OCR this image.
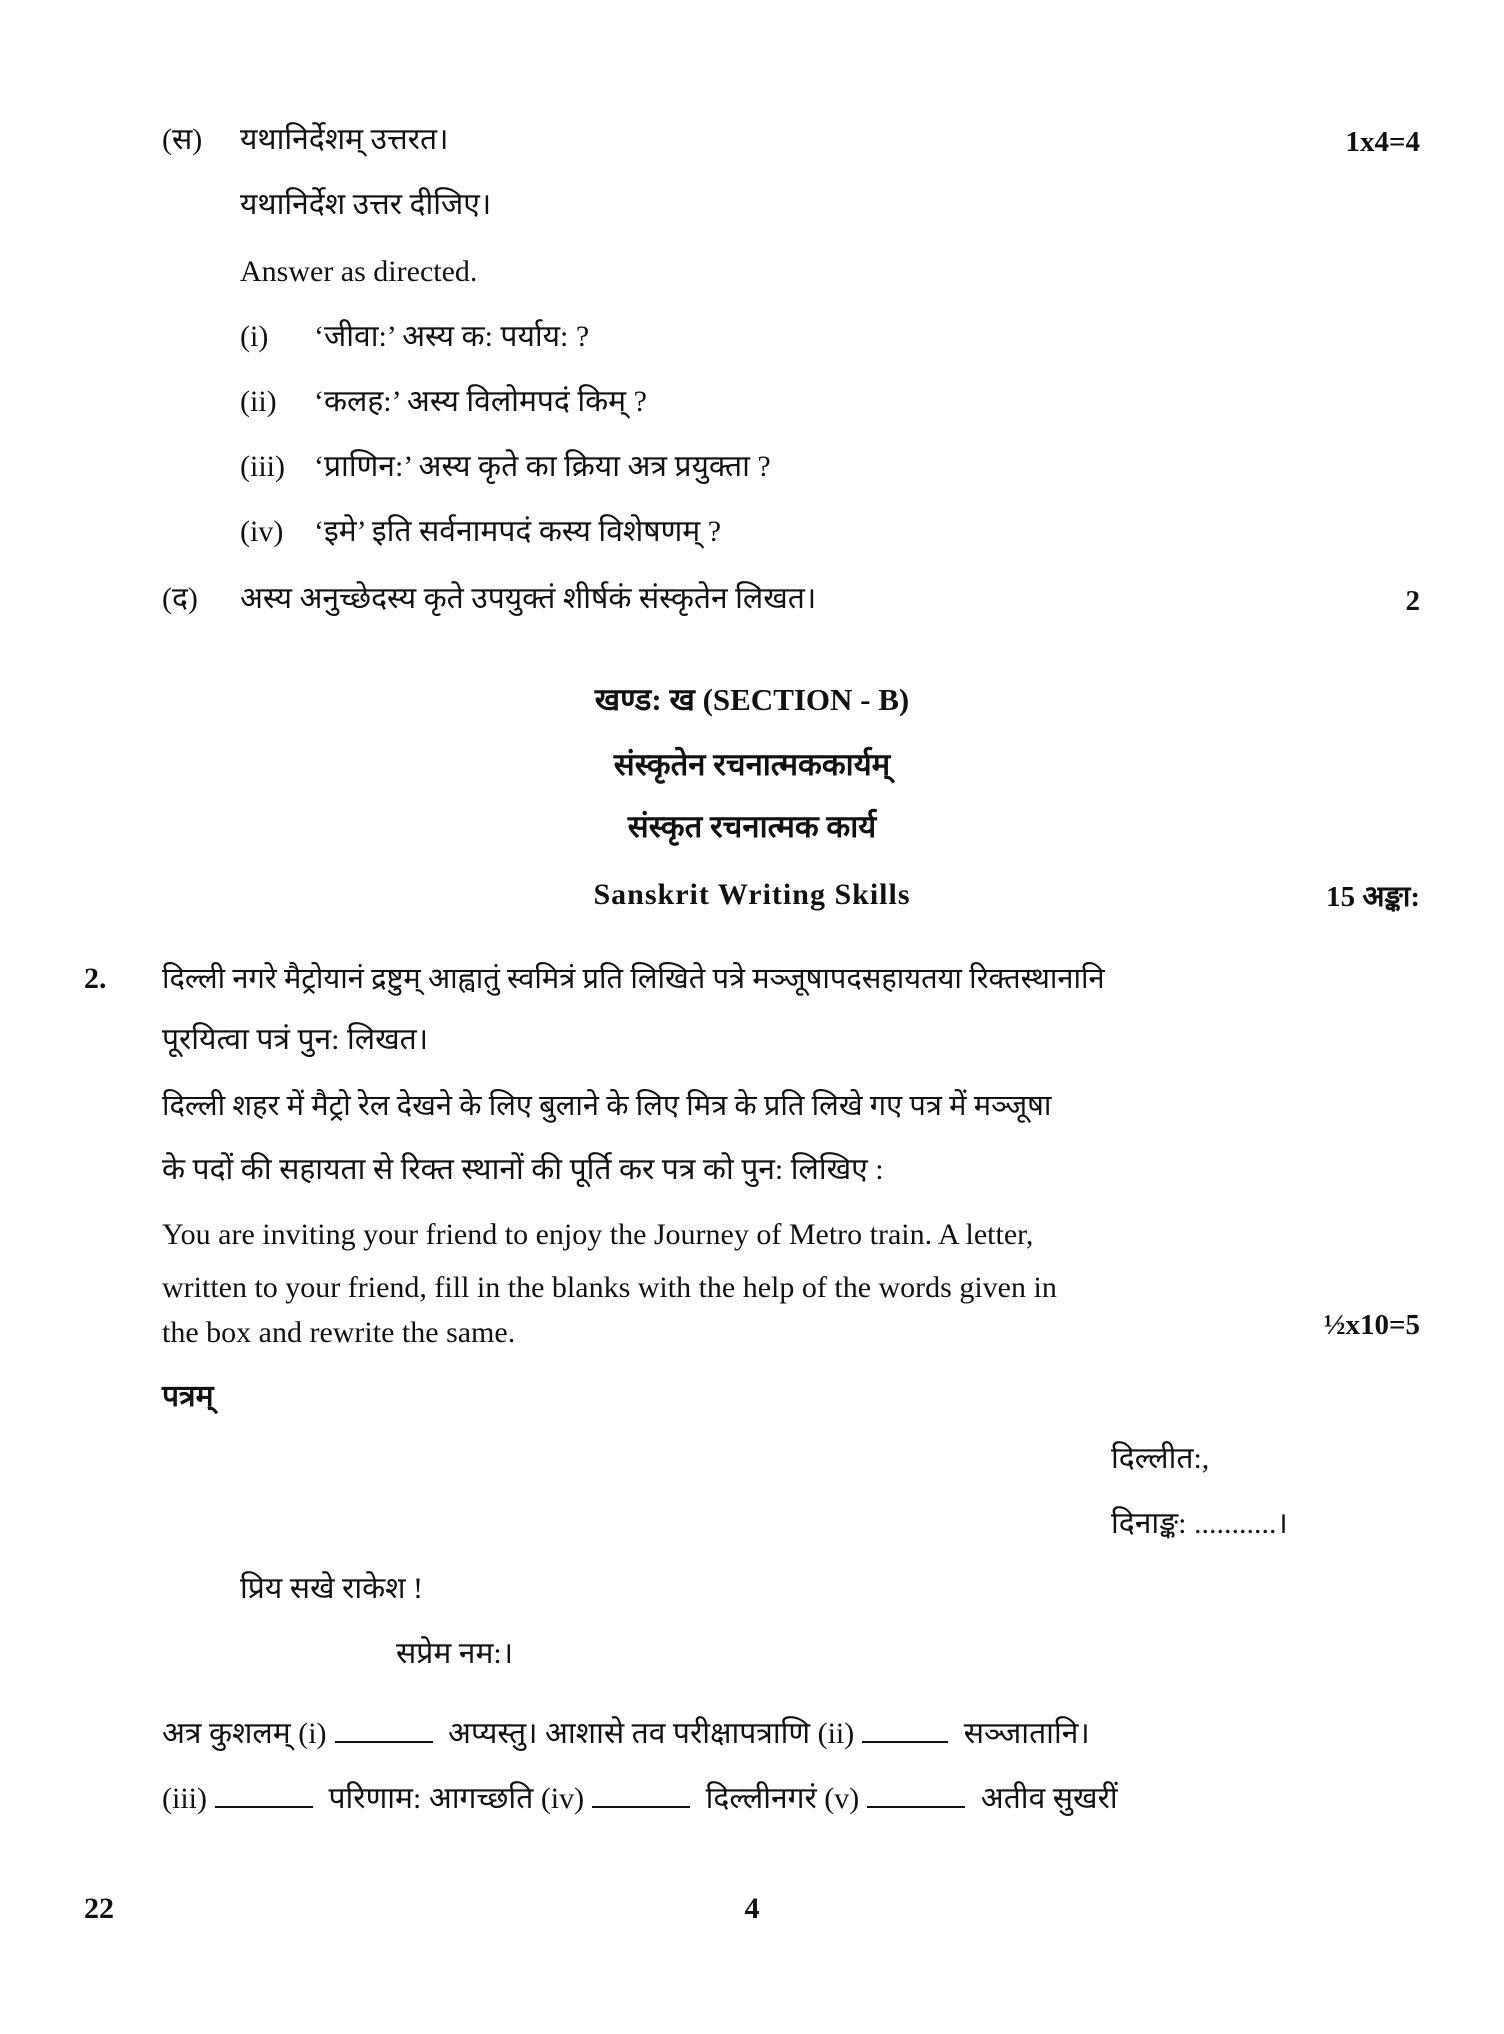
(स) यथानिर्देशम् उत्तरत।	1x4=4
यथानिर्देश उत्तर दीजिए।
Answer as directed.
(i) ‘जीवा:’ अस्य क: पर्याय: ?
(ii) ‘कलह:’ अस्य विलोमपदं किम् ?
(iii) ‘प्राणिन:’ अस्य कृते का क्रिया अत्र प्रयुक्ता ?
(iv) ‘इमे’ इति सर्वनामपदं कस्य विशेषणम् ?
(द) अस्य अनुच्छेदस्य कृते उपयुक्तं शीर्षकं संस्कृतेन लिखत।	2
खण्ड: ख (SECTION - B)
संस्कृतेन रचनात्मककार्यम्
संस्कृत रचनात्मक कार्य
Sanskrit Writing Skills	15 अङ्का:
2. दिल्ली नगरे मैट्रोयानं द्रष्टुम् आह्वातुं स्वमित्रं प्रति लिखिते पत्रे मञ्जूषापदसहायतया रिक्तस्थानानि
पूरयित्वा पत्रं पुन: लिखत।
दिल्ली शहर में मैट्रो रेल देखने के लिए बुलाने के लिए मित्र के प्रति लिखे गए पत्र में मञ्जूषा
के पदों की सहायता से रिक्त स्थानों की पूर्ति कर पत्र को पुन: लिखिए :
You are inviting your friend to enjoy the Journey of Metro train. A letter,
written to your friend, fill in the blanks with the help of the words given in
the box and rewrite the same.	½x10=5
पत्रम्
दिल्लीत:,
दिनाङ्क: ...........।
प्रिय सखे राकेश !
सप्रेम नम:।
अत्र कुशलम् (i)	अप्यस्तु। आशासे तव परीक्षापत्राणि (ii)	सञ्जातानि।
(iii)	परिणाम: आगच्छति (iv)	दिल्लीनगरं (v)	अतीव सुखरीं
22	4
